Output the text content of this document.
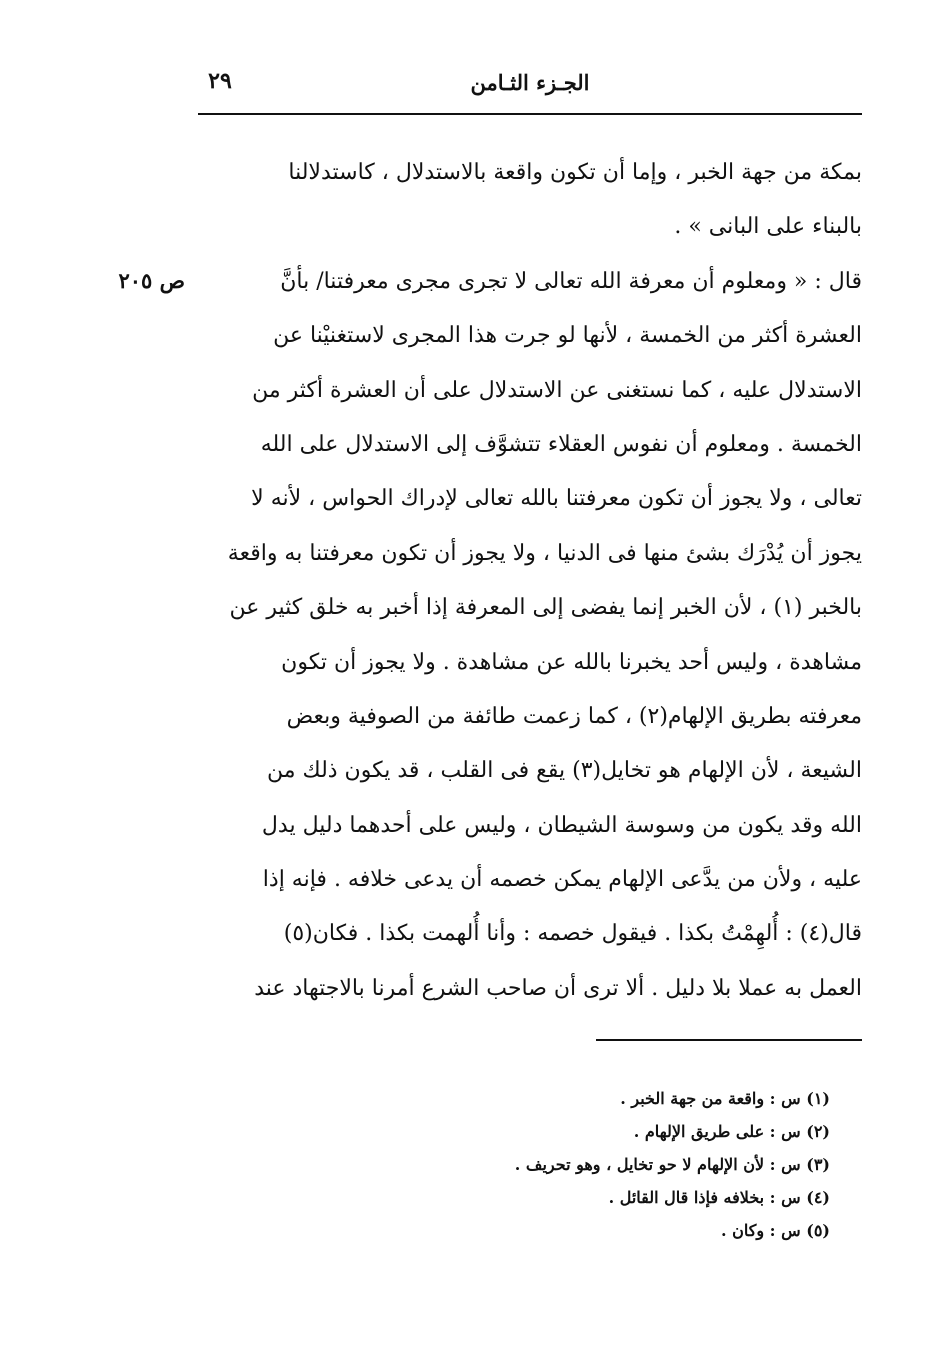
الجـزء الثـامن
٢٩
ص ٢٠٥
بمكة من جهة الخبر ، وإما أن تكون واقعة بالاستدلال ، كاستدلالنا
بالبناء على البانى » .
قال : « ومعلوم أن معرفة الله تعالى لا تجرى مجرى معرفتنا/ بأنَّ
العشرة أكثر من الخمسة ، لأنها لو جرت هذا المجرى لاستغنيْنا عن
الاستدلال عليه ، كما نستغنى عن الاستدلال على أن العشرة أكثر من
الخمسة . ومعلوم أن نفوس العقلاء تتشوَّف إلى الاستدلال على الله
تعالى ، ولا يجوز أن تكون معرفتنا بالله تعالى لإدراك الحواس ، لأنه لا
يجوز أن يُدْرَك بشئ منها فى الدنيا ، ولا يجوز أن تكون معرفتنا به واقعة
بالخبر (١) ، لأن الخبر إنما يفضى إلى المعرفة إذا أخبر به خلق كثير عن
مشاهدة ، وليس أحد يخبرنا بالله عن مشاهدة . ولا يجوز أن تكون
معرفته بطريق الإلهام(٢) ، كما زعمت طائفة من الصوفية وبعض
الشيعة ، لأن الإلهام هو تخايل(٣) يقع فى القلب ، قد يكون ذلك من
الله وقد يكون من وسوسة الشيطان ، وليس على أحدهما دليل يدل
عليه ، ولأن من يدَّعى الإلهام يمكن خصمه أن يدعى خلافه . فإنه إذا
قال(٤) : أُلهِمْتُ بكذا . فيقول خصمه : وأنا أُلهمت بكذا . فكان(٥)
العمل به عملا بلا دليل . ألا ترى أن صاحب الشرع أمرنا بالاجتهاد عند
(١) س : واقعة من جهة الخبر .
(٢) س : على طريق الإلهام .
(٣) س : لأن الإلهام لا حو تخايل ، وهو تحريف .
(٤) س : بخلافه فإذا قال القائل .
(٥) س : وكان .
